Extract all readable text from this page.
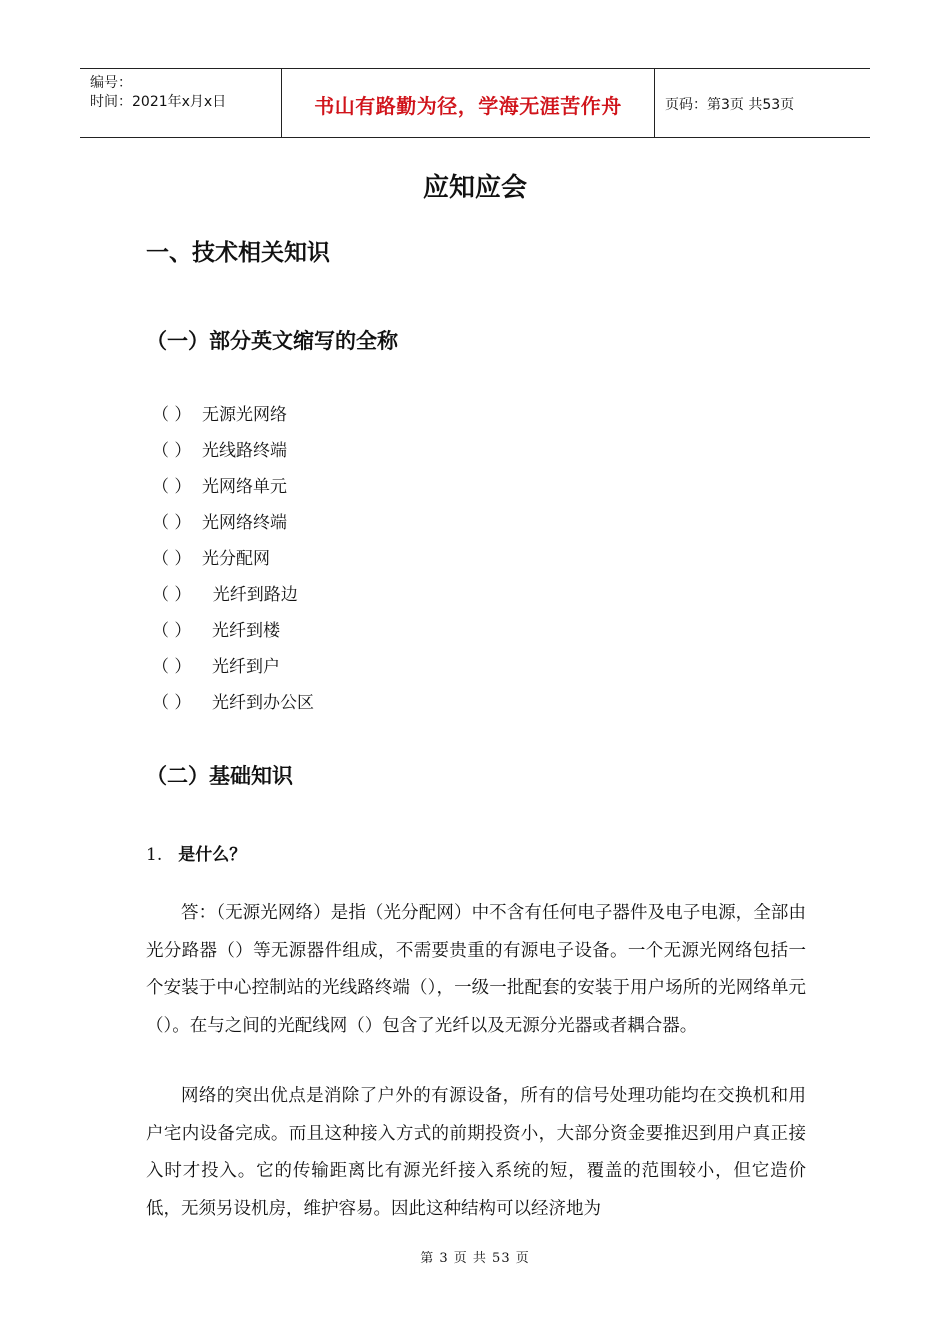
编号：
时间：2021年x月x日	书山有路勤为径，学海无涯苦作舟	页码：第3页 共53页
应知应会
一、技术相关知识
（一）部分英文缩写的全称
（ ） 无源光网络
（ ） 光线路终端
（ ） 光网络单元
（ ） 光网络终端
（ ） 光分配网
（ ） 光纤到路边
（ ）	光纤到楼
（ ）	光纤到户
（ ）	光纤到办公区
（二）基础知识
1. 是什么？

答：（无源光网络）是指（光分配网）中不含有任何电子器件及电子电源，全部由光分路器（）等无源器件组成，不需要贵重的有源电子设备。一个无源光网络包括一个安装于中心控制站的光线路终端（），一级一批配套的安装于用户场所的光网络单元（）。在与之间的光配线网（）包含了光纤以及无源分光器或者耦合器。

网络的突出优点是消除了户外的有源设备，所有的信号处理功能均在交换机和用户宅内设备完成。而且这种接入方式的前期投资小，大部分资金要推迟到用户真正接入时才投入。它的传输距离比有源光纤接入系统的短，覆盖的范围较小，但它造价低，无须另设机房，维护容易。因此这种结构可以经济地为

第 3 页 共 53 页
